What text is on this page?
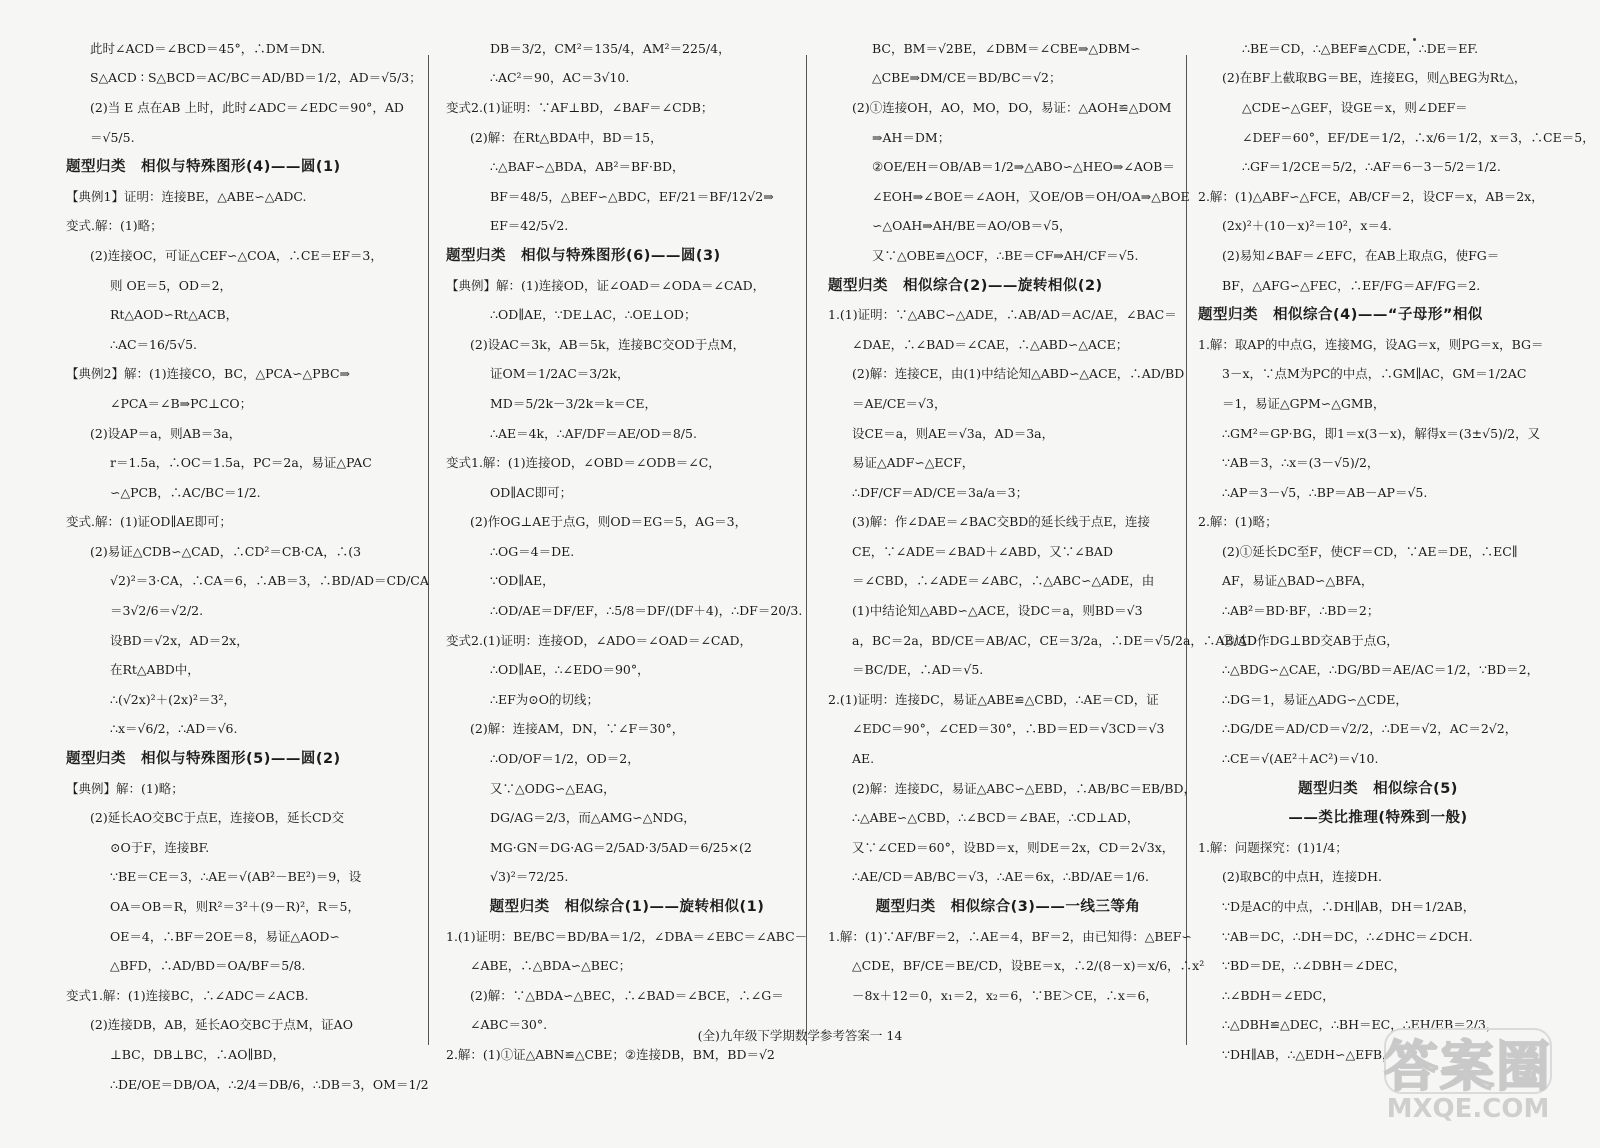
此时∠ACD＝∠BCD＝45°，∴DM＝DN.
S△ACD ∶ S△BCD＝AC/BC＝AD/BD＝1/2，AD＝√5/3；
(2)当 E 点在AB 上时，此时∠ADC＝∠EDC＝90°，AD
＝√5/5.
题型归类　相似与特殊图形(4)——圆(1)
【典例1】证明：连接BE，△ABE∽△ADC.
变式.解：(1)略；
(2)连接OC，可证△CEF∽△COA，∴CE＝EF＝3，
则 OE＝5，OD＝2，
Rt△AOD∽Rt△ACB，
∴AC＝16/5√5.
【典例2】解：(1)连接CO，BC，△PCA∽△PBC⇒
∠PCA＝∠B⇒PC⊥CO；
(2)设AP＝a，则AB＝3a，
r＝1.5a，∴OC＝1.5a，PC＝2a，易证△PAC
∽△PCB，∴AC/BC＝1/2.
变式.解：(1)证OD∥AE即可；
(2)易证△CDB∽△CAD，∴CD²＝CB·CA，∴(3
√2)²＝3·CA，∴CA＝6，∴AB＝3，∴BD/AD＝CD/CA
＝3√2/6＝√2/2.
设BD＝√2x，AD＝2x，
在Rt△ABD中，
∴(√2x)²＋(2x)²＝3²，
∴x＝√6/2，∴AD＝√6.
题型归类　相似与特殊图形(5)——圆(2)
【典例】解：(1)略；
(2)延长AO交BC于点E，连接OB，延长CD交
⊙O于F，连接BF.
∵BE＝CE＝3，∴AE＝√(AB²－BE²)＝9，设
OA＝OB＝R，则R²＝3²＋(9－R)²，R＝5，
OE＝4，∴BF＝2OE＝8，易证△AOD∽
△BFD，∴AD/BD＝OA/BF＝5/8.
变式1.解：(1)连接BC，∴∠ADC＝∠ACB.
(2)连接DB，AB，延长AO交BC于点M，证AO
⊥BC，DB⊥BC，∴AO∥BD，
∴DE/OE＝DB/OA，∴2/4＝DB/6，∴DB＝3，OM＝1/2
DB＝3/2，CM²＝135/4，AM²＝225/4，
∴AC²＝90，AC＝3√10.
变式2.(1)证明：∵AF⊥BD，∠BAF＝∠CDB；
(2)解：在Rt△BDA中，BD＝15，
∴△BAF∽△BDA，AB²＝BF·BD，
BF＝48/5，△BEF∽△BDC，EF/21＝BF/12√2⇒
EF＝42/5√2.
题型归类　相似与特殊图形(6)——圆(3)
【典例】解：(1)连接OD，证∠OAD＝∠ODA＝∠CAD，
∴OD∥AE，∵DE⊥AC，∴OE⊥OD；
(2)设AC＝3k，AB＝5k，连接BC交OD于点M，
证OM＝1/2AC＝3/2k，
MD＝5/2k－3/2k＝k＝CE，
∴AE＝4k，∴AF/DF＝AE/OD＝8/5.
变式1.解：(1)连接OD，∠OBD＝∠ODB＝∠C，
OD∥AC即可；
(2)作OG⊥AE于点G，则OD＝EG＝5，AG＝3，
∴OG＝4＝DE.
∵OD∥AE，
∴OD/AE＝DF/EF，∴5/8＝DF/(DF＋4)，∴DF＝20/3.
变式2.(1)证明：连接OD，∠ADO＝∠OAD＝∠CAD，
∴OD∥AE，∴∠EDO＝90°，
∴EF为⊙O的切线；
(2)解：连接AM，DN，∵∠F＝30°，
∴OD/OF＝1/2，OD＝2，
又∵△ODG∽△EAG，
DG/AG＝2/3，而△AMG∽△NDG，
MG·GN＝DG·AG＝2/5AD·3/5AD＝6/25×(2
√3)²＝72/25.
题型归类　相似综合(1)——旋转相似(1)
1.(1)证明：BE/BC＝BD/BA＝1/2，∠DBA＝∠EBC＝∠ABC－
∠ABE，∴△BDA∽△BEC；
(2)解：∵△BDA∽△BEC，∴∠BAD＝∠BCE，∴∠G＝
∠ABC＝30°.
2.解：(1)①证△ABN≌△CBE；②连接DB，BM，BD＝√2
BC，BM＝√2BE，∠DBM＝∠CBE⇒△DBM∽
△CBE⇒DM/CE＝BD/BC＝√2；
(2)①连接OH，AO，MO，DO，易证：△AOH≌△DOM
⇒AH＝DM；
②OE/EH＝OB/AB＝1/2⇒△ABO∽△HEO⇒∠AOB＝
∠EOH⇒∠BOE＝∠AOH，又OE/OB＝OH/OA⇒△BOE
∽△OAH⇒AH/BE＝AO/OB＝√5，
又∵△OBE≌△OCF，∴BE＝CF⇒AH/CF＝√5.
题型归类　相似综合(2)——旋转相似(2)
1.(1)证明：∵△ABC∽△ADE，∴AB/AD＝AC/AE，∠BAC＝
∠DAE，∴∠BAD＝∠CAE，∴△ABD∽△ACE；
(2)解：连接CE，由(1)中结论知△ABD∽△ACE，∴AD/BD
＝AE/CE＝√3，
设CE＝a，则AE＝√3a，AD＝3a，
易证△ADF∽△ECF，
∴DF/CF＝AD/CE＝3a/a＝3；
(3)解：作∠DAE＝∠BAC交BD的延长线于点E，连接
CE，∵∠ADE＝∠BAD＋∠ABD，又∵∠BAD
＝∠CBD，∴∠ADE＝∠ABC，∴△ABC∽△ADE，由
(1)中结论知△ABD∽△ACE，设DC＝a，则BD＝√3
a，BC＝2a，BD/CE＝AB/AC，CE＝3/2a，∴DE＝√5/2a，∴AB/AD
＝BC/DE，∴AD＝√5.
2.(1)证明：连接DC，易证△ABE≌△CBD，∴AE＝CD，证
∠EDC＝90°，∠CED＝30°，∴BD＝ED＝√3CD＝√3
AE.
(2)解：连接DC，易证△ABC∽△EBD，∴AB/BC＝EB/BD，
∴△ABE∽△CBD，∴∠BCD＝∠BAE，∴CD⊥AD，
又∵∠CED＝60°，设BD＝x，则DE＝2x，CD＝2√3x，
∴AE/CD＝AB/BC＝√3，∴AE＝6x，∴BD/AE＝1/6.
题型归类　相似综合(3)——一线三等角
1.解：(1)∵AF/BF＝2，∴AE＝4，BF＝2，由已知得：△BEF∽
△CDE，BF/CE＝BE/CD，设BE＝x，∴2/(8－x)＝x/6，∴x²
－8x＋12＝0，x₁＝2，x₂＝6，∵BE＞CE，∴x＝6，
∴BE＝CD，∴△BEF≌△CDE，∴DE＝EF.
(2)在BF上截取BG＝BE，连接EG，则△BEG为Rt△，
△CDE∽△GEF，设GE＝x，则∠DEF＝
∠DEF＝60°，EF/DE＝1/2，∴x/6＝1/2，x＝3，∴CE＝5，
∴GF＝1/2CE＝5/2，∴AF＝6－3－5/2＝1/2.
2.解：(1)△ABF∽△FCE，AB/CF＝2，设CF＝x，AB＝2x，
(2x)²＋(10－x)²＝10²，x＝4.
(2)易知∠BAF＝∠EFC，在AB上取点G，使FG＝
BF，△AFG∽△FEC，∴EF/FG＝AF/FG＝2.
题型归类　相似综合(4)——“子母形”相似
1.解：取AP的中点G，连接MG，设AG＝x，则PG＝x，BG＝
3－x，∵点M为PC的中点，∴GM∥AC，GM＝1/2AC
＝1，易证△GPM∽△GMB，
∴GM²＝GP·BG，即1＝x(3－x)，解得x＝(3±√5)/2，又
∵AB＝3，∴x＝(3－√5)/2，
∴AP＝3－√5，∴BP＝AB－AP＝√5.
2.解：(1)略；
(2)①延长DC至F，使CF＝CD，∵AE＝DE，∴EC∥
AF，易证△BAD∽△BFA，
∴AB²＝BD·BF，∴BD＝2；
②过D作DG⊥BD交AB于点G，
∴△BDG∽△CAE，∴DG/BD＝AE/AC＝1/2，∵BD＝2，
∴DG＝1，易证△ADG∽△CDE，
∴DG/DE＝AD/CD＝√2/2，∴DE＝√2，AC＝2√2，
∴CE＝√(AE²＋AC²)＝√10.
题型归类　相似综合(5)
——类比推理(特殊到一般)
1.解：问题探究：(1)1/4；
(2)取BC的中点H，连接DH.
∵D是AC的中点，∴DH∥AB，DH＝1/2AB，
∵AB＝DC，∴DH＝DC，∴∠DHC＝∠DCH.
∵BD＝DE，∴∠DBH＝∠DEC，
∴∠BDH＝∠EDC，
∴△DBH≌△DEC，∴BH＝EC，∴EH/EB＝2/3，
∵DH∥AB，∴△EDH∽△EFB，
(全)九年级下学期数学参考答案一 14	答案圈
MXQE.COM
